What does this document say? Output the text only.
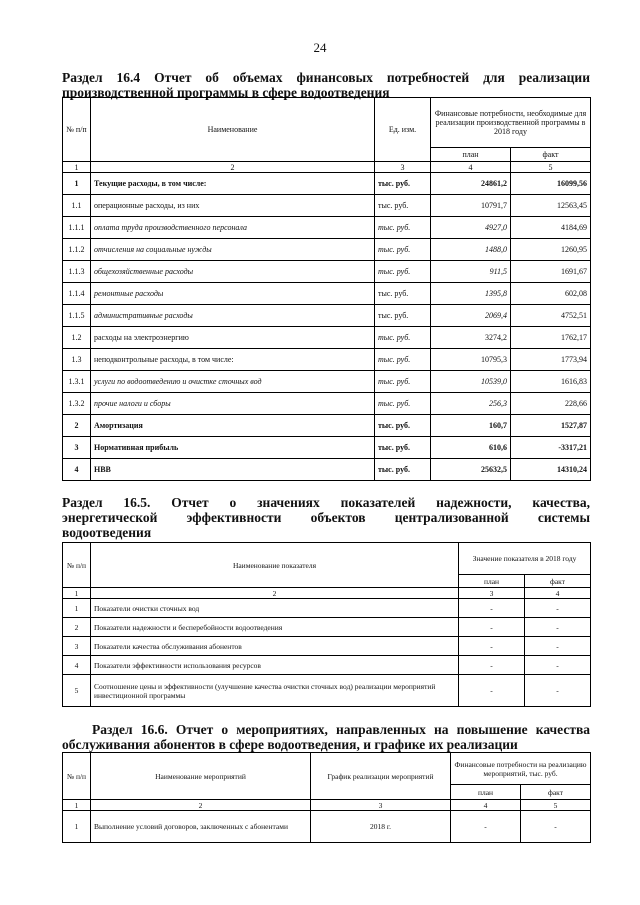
24
Раздел 16.4 Отчет об объемах финансовых потребностей для реализации
производственной программы в сфере водоотведения
№ п/п	Наименование	Ед. изм.	Финансовые потребности, необходимые для реализации производственной программы в 2018 году	
			план	факт
1	2	3	4	5
1	Текущие расходы, в том числе:	тыс. руб.	24861,2	16099,56
1.1	операционные расходы, из них	тыс. руб.	10791,7	12563,45
1.1.1	оплата труда производственного персонала	тыс. руб.	4927,0	4184,69
1.1.2	отчисления на социальные нужды	тыс. руб.	1488,0	1260,95
1.1.3	общехозяйственные расходы	тыс. руб.	911,5	1691,67
1.1.4	ремонтные расходы	тыс. руб.	1395,8	602,08
1.1.5	административные расходы	тыс. руб.	2069,4	4752,51
1.2	расходы на электроэнергию	тыс. руб.	3274,2	1762,17
1.3	неподконтрольные расходы, в том числе:	тыс. руб.	10795,3	1773,94
1.3.1	услуги по водоотведению и очистке сточных вод	тыс. руб.	10539,0	1616,83
1.3.2	прочие налоги и сборы	тыс. руб.	256,3	228,66
2	Амортизация	тыс. руб.	160,7	1527,87
3	Нормативная прибыль	тыс. руб.	610,6	-3317,21
4	НВВ	тыс. руб.	25632,5	14310,24
Раздел 16.5. Отчет о значениях показателей надежности, качества,
энергетической эффективности объектов централизованной системы
водоотведения
№ п/п	Наименование показателя	Значение показателя в 2018 году	
		план	факт
1	2	3	4
1	Показатели очистки сточных вод	-	-
2	Показатели надежности и бесперебойности водоотведения	-	-
3	Показатели качества обслуживания абонентов	-	-
4	Показатели эффективности использования ресурсов	-	-
5	Соотношение цены и эффективности (улучшение качества очистки сточных вод) реализации мероприятий инвестиционной программы	-	-
Раздел 16.6. Отчет о мероприятиях, направленных на повышение качества
обслуживания абонентов в сфере водоотведения, и графике их реализации
№ п/п	Наименование мероприятий	График реализации мероприятий	Финансовые потребности на реализацию мероприятий, тыс. руб.	
			план	факт
1	2	3	4	5
1	Выполнение условий договоров, заключенных с абонентами	2018 г.	-	-
